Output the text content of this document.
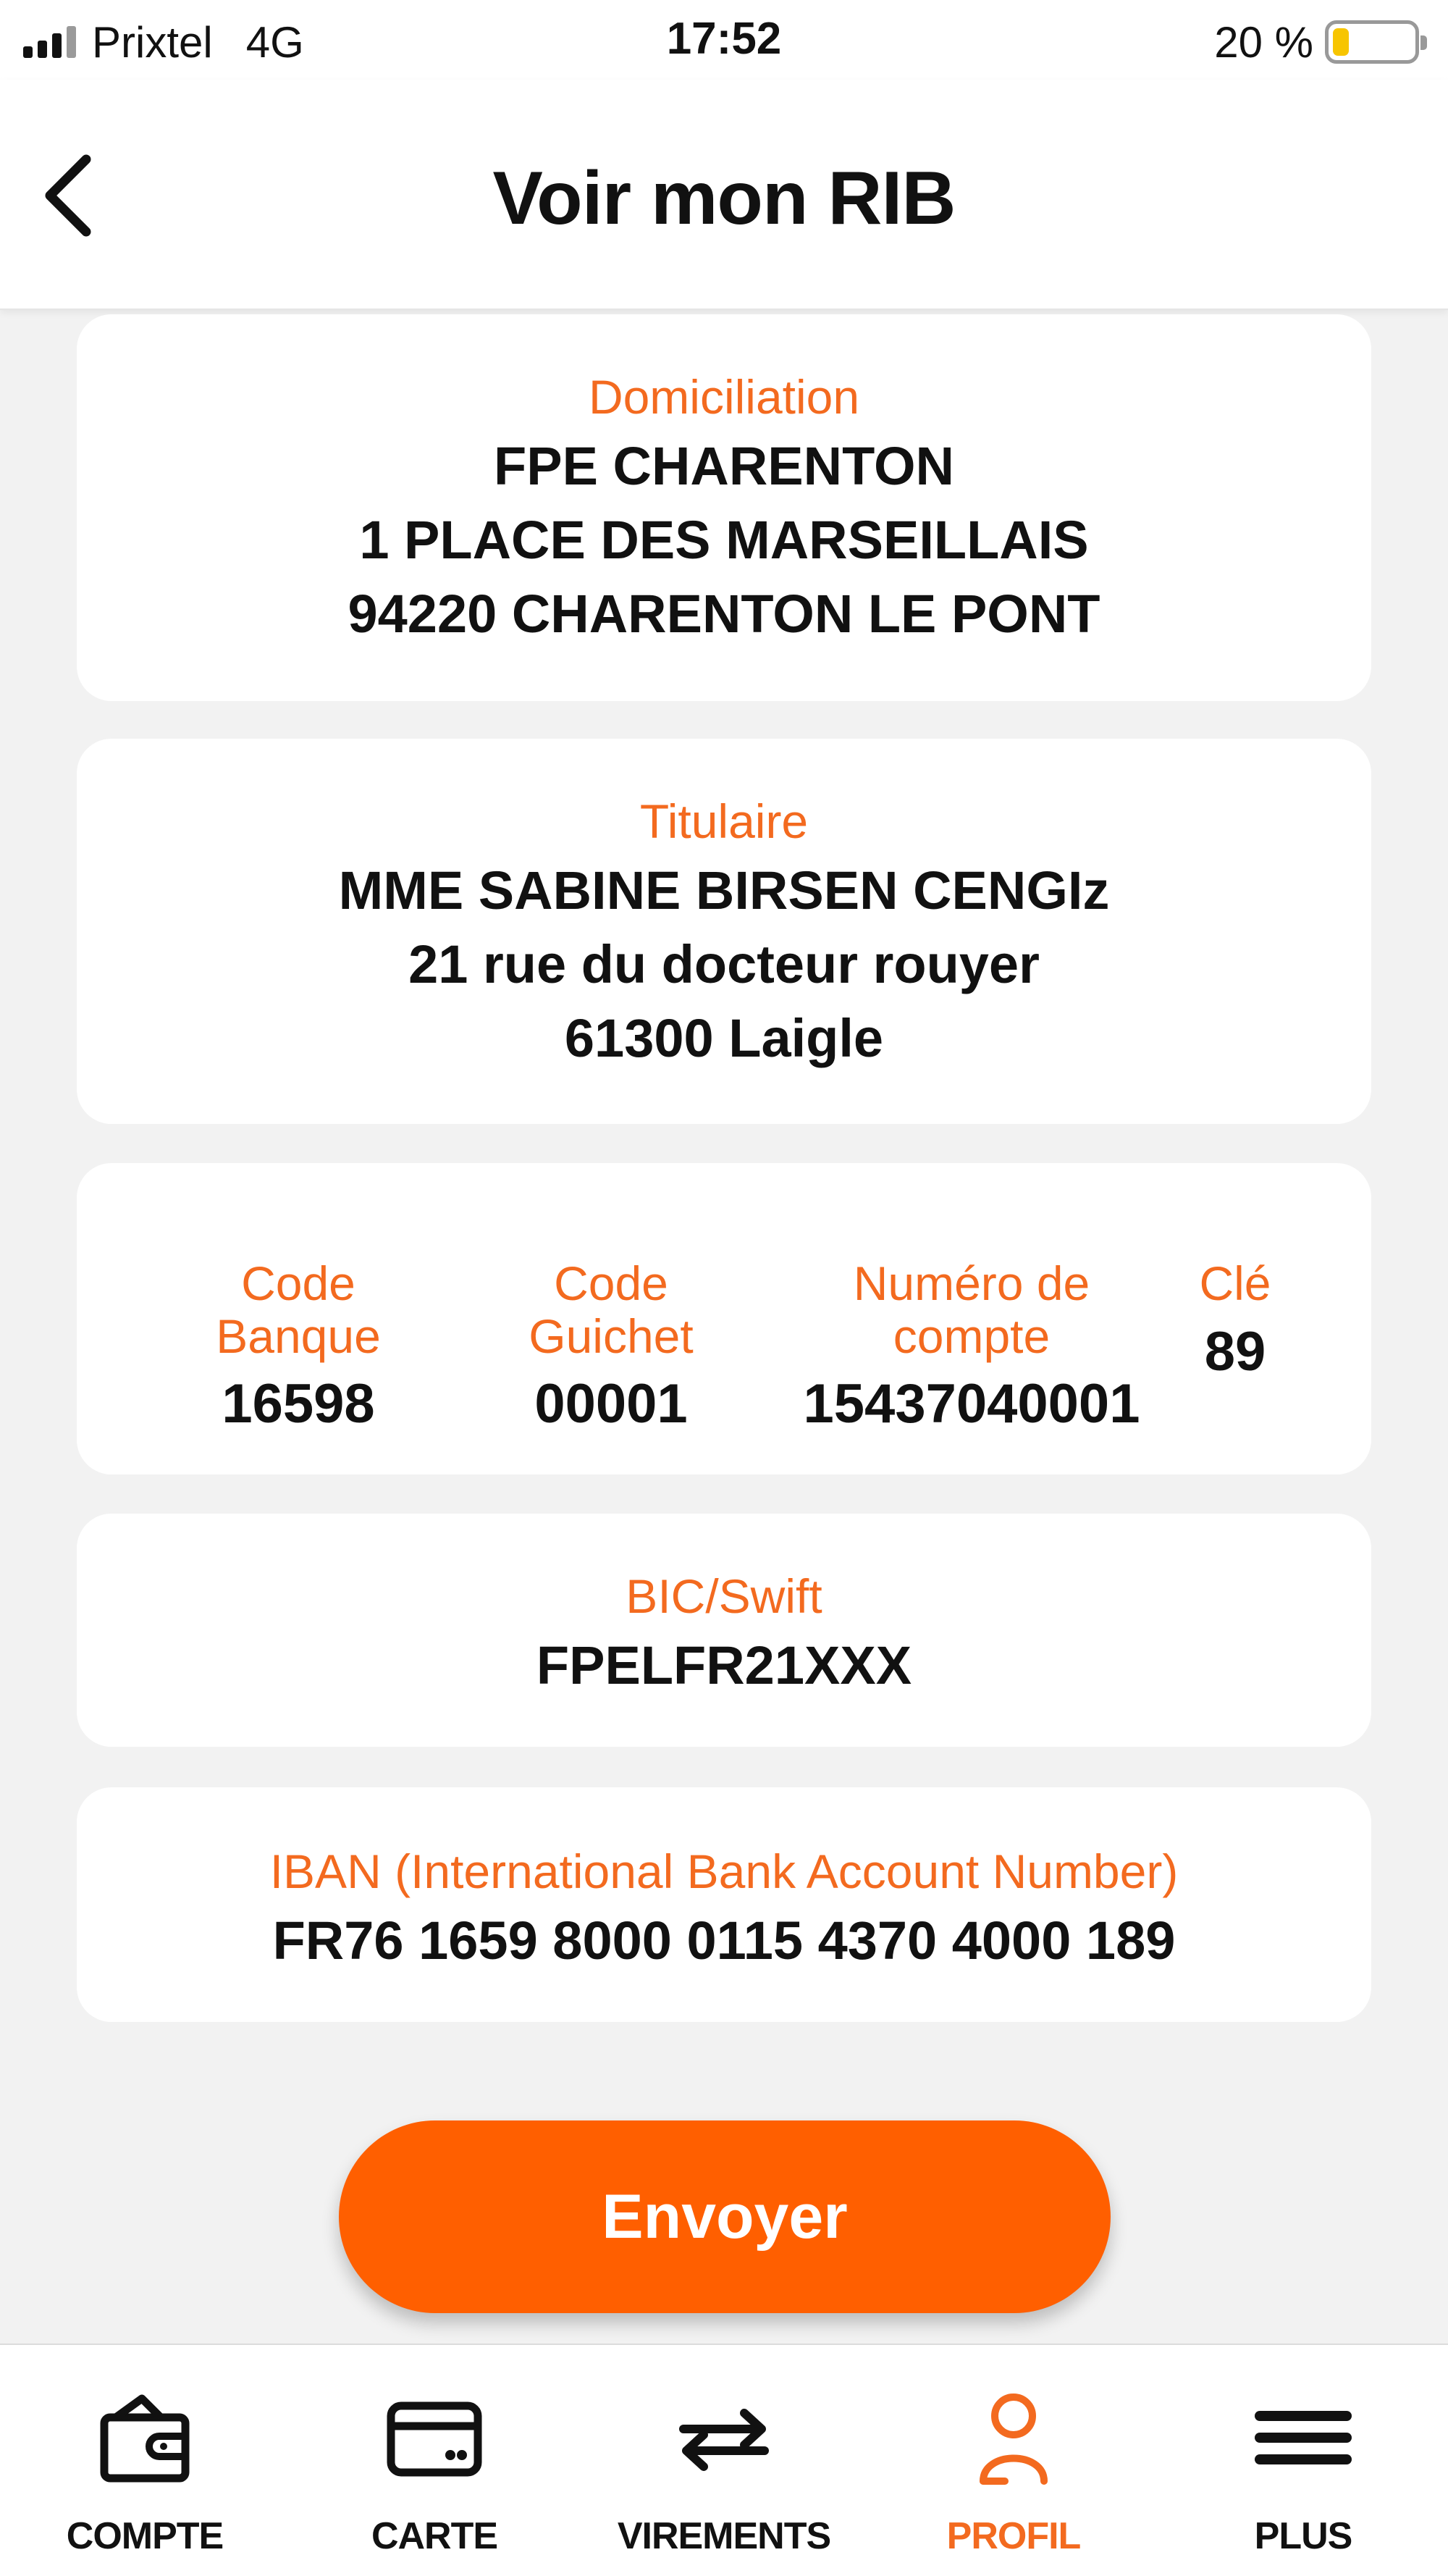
Prixtel 4G	17:52	20 %
Voir mon RIB
Domiciliation
FPE CHARENTON
1 PLACE DES MARSEILLAIS
94220 CHARENTON LE PONT
Titulaire
MME SABINE BIRSEN CENGIz
21 rue du docteur rouyer
61300 Laigle
Code Banque
16598
Code Guichet
00001
Numéro de compte
15437040001
Clé
89
BIC/Swift
FPELFR21XXX
IBAN (International Bank Account Number)
FR76 1659 8000 0115 4370 4000 189
Envoyer
COMPTE	CARTE	VIREMENTS	PROFIL	PLUS
